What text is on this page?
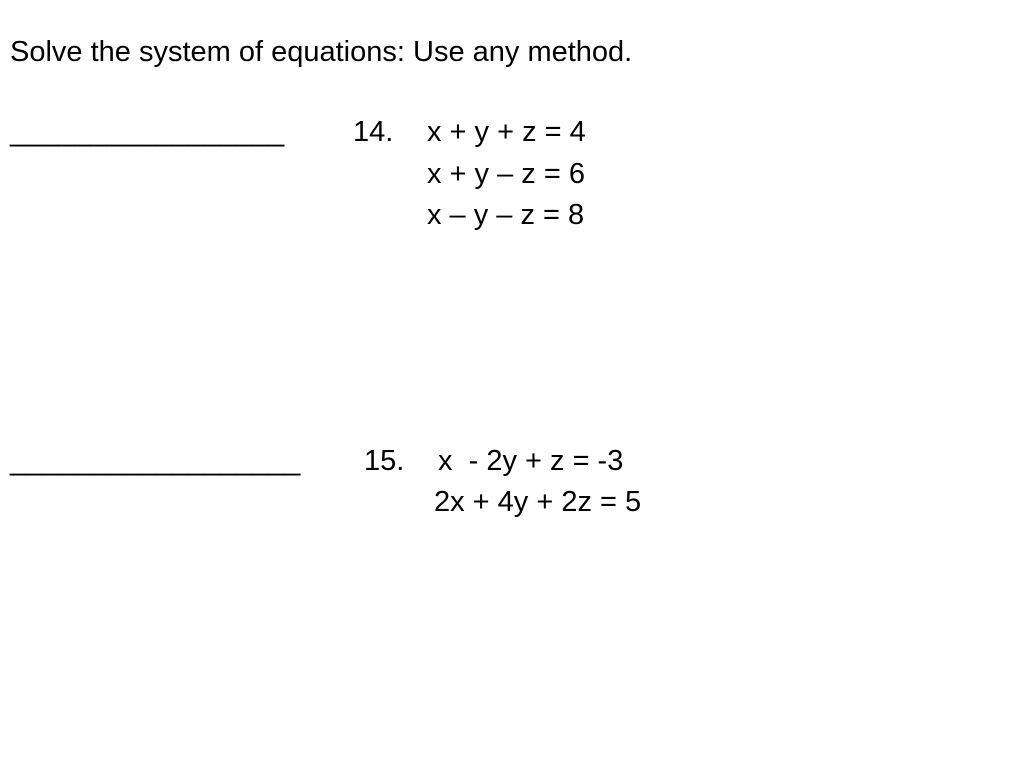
Solve the system of equations: Use any method.
_________________ 14. x + y + z = 4
x + y – z = 6
x – y – z = 8
__________________ 15. x  - 2y + z = -3
2x + 4y + 2z = 5
